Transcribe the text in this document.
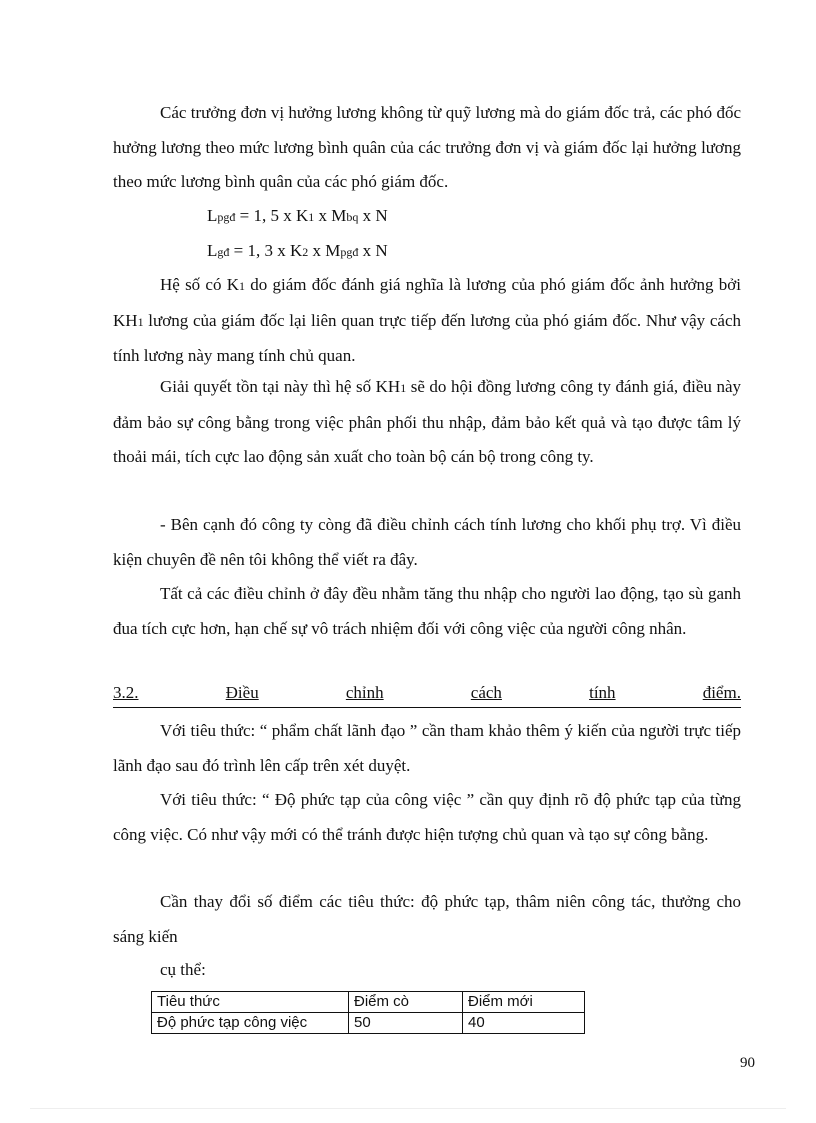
Các trưởng đơn vị hưởng lương không từ quỹ lương mà do giám đốc trả, các phó đốc hưởng lương theo mức lương bình quân của các trưởng đơn vị và giám đốc lại hưởng lương theo mức lương bình quân của các phó giám đốc.

Lpgđ = 1, 5 x K1 x Mbq x N
Lgđ = 1, 3 x K2 x Mpgđ x N

Hệ số có K1 do giám đốc đánh giá nghĩa là lương của phó giám đốc ảnh hưởng bởi KH1 lương của giám đốc lại liên quan trực tiếp đến lương của phó giám đốc. Như vậy cách tính lương này mang tính chủ quan.

Giải quyết tồn tại này thì hệ số KH1 sẽ do hội đồng lương công ty đánh giá, điều này đảm bảo sự công bằng trong việc phân phối thu nhập, đảm bảo kết quả và tạo được tâm lý thoải mái, tích cực lao động sản xuất cho toàn bộ cán bộ trong công ty.

- Bên cạnh đó công ty còng đã điều chỉnh cách tính lương cho khối phụ trợ. Vì điều kiện chuyên đề nên tôi không thể viết ra đây.

Tất cả các điều chỉnh ở đây đều nhằm tăng thu nhập cho người lao động, tạo sù ganh đua tích cực hơn, hạn chế sự vô trách nhiệm đối với công việc của người công nhân.

3.2.	Điều	chỉnh	cách	tính	điểm.

Với tiêu thức: “ phẩm chất lãnh đạo ” cần tham khảo thêm ý kiến của người trực tiếp lãnh đạo sau đó trình lên cấp trên xét duyệt.

Với tiêu thức: “ Độ phức tạp của công việc ” cần quy định rõ độ phức tạp của từng công việc. Có như vậy mới có thể tránh được hiện tượng chủ quan và tạo sự công bằng.

Cần thay đổi số điểm các tiêu thức: độ phức tạp, thâm niên công tác, thưởng cho sáng kiến

cụ thể:

Tiêu thức	Điểm cò	Điểm mới
Độ phức tạp công việc	50	40
90
